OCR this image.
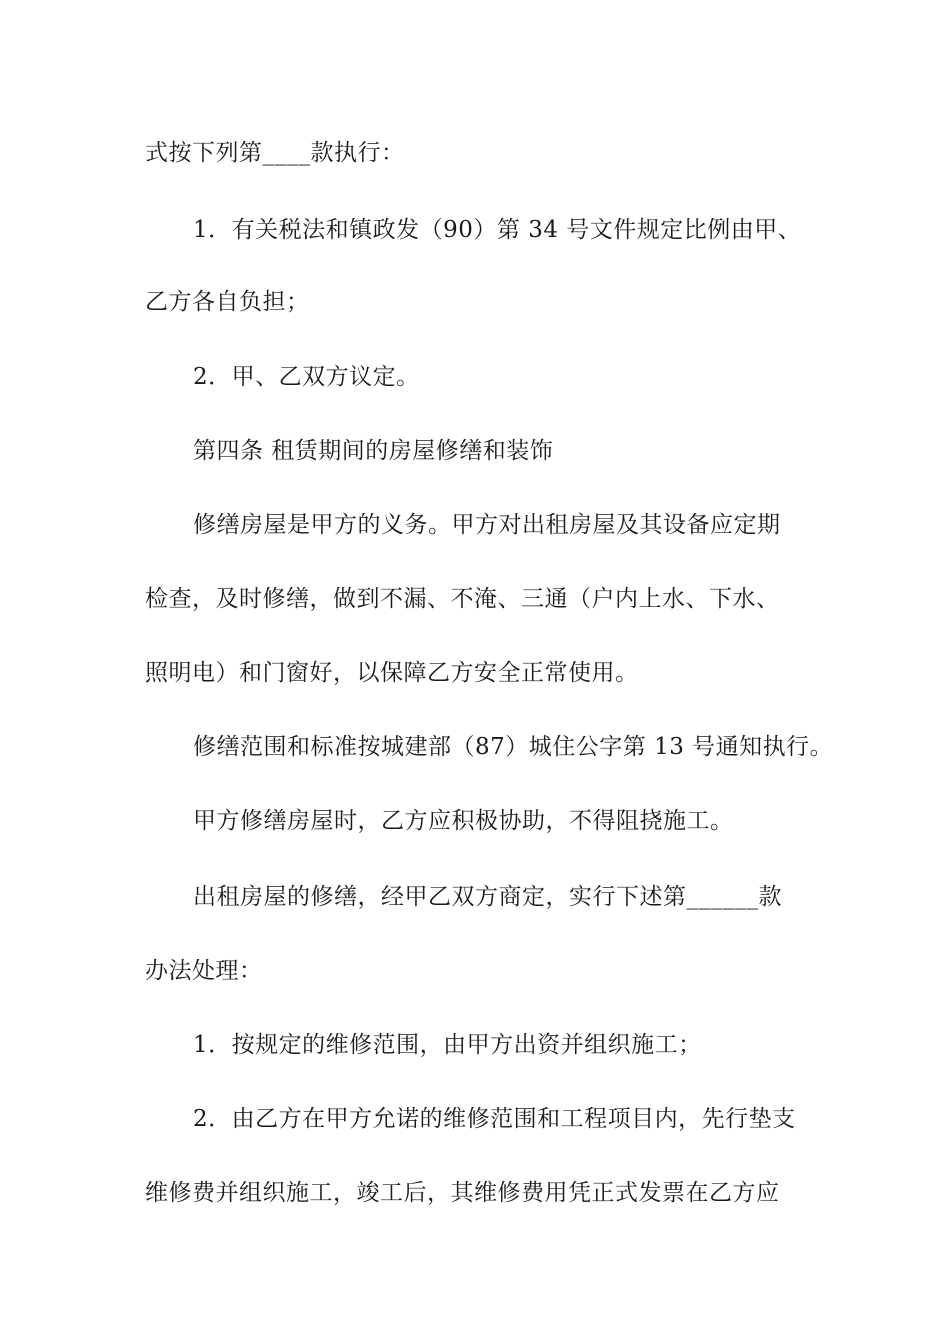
式按下列第____款执行：
1．有关税法和镇政发（90）第 34 号文件规定比例由甲、
乙方各自负担；
2．甲、乙双方议定。
第四条 租赁期间的房屋修缮和装饰
修缮房屋是甲方的义务。甲方对出租房屋及其设备应定期
检查，及时修缮，做到不漏、不淹、三通（户内上水、下水、
照明电）和门窗好，以保障乙方安全正常使用。
修缮范围和标准按城建部（87）城住公字第 13 号通知执行。
甲方修缮房屋时，乙方应积极协助，不得阻挠施工。
出租房屋的修缮，经甲乙双方商定，实行下述第______款
办法处理：
1．按规定的维修范围，由甲方出资并组织施工；
2．由乙方在甲方允诺的维修范围和工程项目内，先行垫支
维修费并组织施工，竣工后，其维修费用凭正式发票在乙方应
